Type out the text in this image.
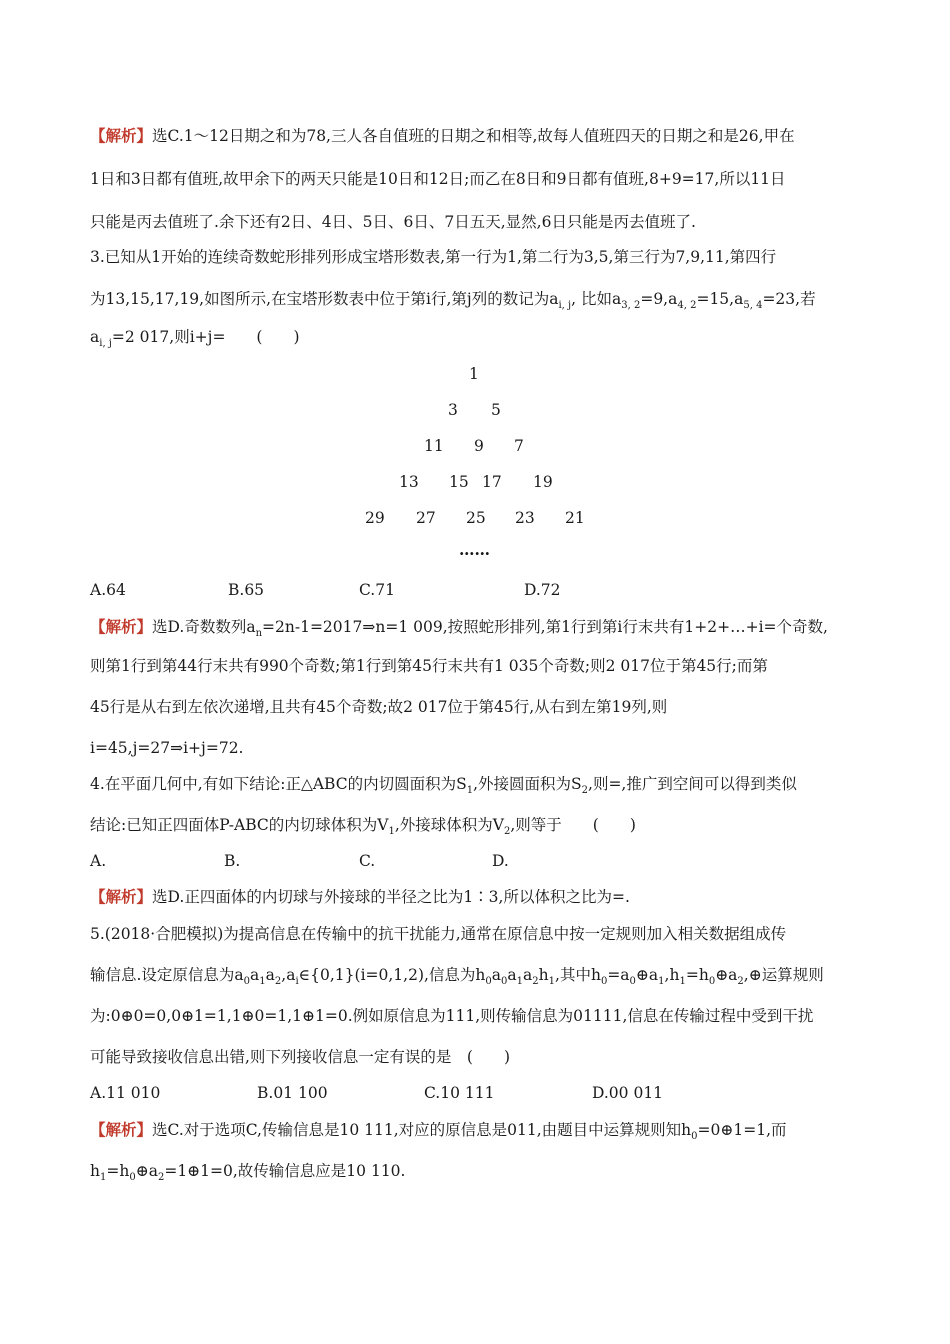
【解析】选C.1～12日期之和为78,三人各自值班的日期之和相等,故每人值班四天的日期之和是26,甲在
1日和3日都有值班,故甲余下的两天只能是10日和12日;而乙在8日和9日都有值班,8+9=17,所以11日
只能是丙去值班了.余下还有2日、4日、5日、6日、7日五天,显然,6日只能是丙去值班了.
3.已知从1开始的连续奇数蛇形排列形成宝塔形数表,第一行为1,第二行为3,5,第三行为7,9,11,第四行
为13,15,17,19,如图所示,在宝塔形数表中位于第i行,第j列的数记为$a_{i, j}$, 比如$a_{3, 2}=9,a_{4, 2}=15,a_{5, 4}=23$,若
$a_{i, j}=2$ 017,则i+j=　　(　　)
1
3 5
11 9 7
13 15 17 19
29 27 25 23 21
……
A.64	B.65	C.71	D.72
【解析】选D.奇数数列$a_n=2n-1=2017\Rightarrow n=1$ 009,按照蛇形排列,第1行到第i行末共有1+2+…+i=个奇数,
则第1行到第44行末共有990个奇数;第1行到第45行末共有1 035个奇数;则2 017位于第45行;而第
45行是从右到左依次递增,且共有45个奇数;故2 017位于第45行,从右到左第19列,则
i=45,j=27⇒i+j=72.
4.在平面几何中,有如下结论:正△ABC的内切圆面积为$S_1$,外接圆面积为$S_2$,则=,推广到空间可以得到类似
结论:已知正四面体P-ABC的内切球体积为$V_1$,外接球体积为$V_2$,则等于　　(　　)
A.	B.	C.	D.
【解析】选D.正四面体的内切球与外接球的半径之比为1∶3,所以体积之比为=.
5.(2018·合肥模拟)为提高信息在传输中的抗干扰能力,通常在原信息中按一定规则加入相关数据组成传
输信息.设定原信息为$a_0a_1a_2,a_i\in\{0,1\}(i=0,1,2)$,信息为$h_0a_0a_1a_2h_1$,其中$h_0=a_0\oplus a_1,h_1=h_0\oplus a_2,\oplus$运算规则
为:0⊕0=0,0⊕1=1,1⊕0=1,1⊕1=0.例如原信息为111,则传输信息为01111,信息在传输过程中受到干扰
可能导致接收信息出错,则下列接收信息一定有误的是　(　　)
A.11 010	B.01 100	C.10 111	D.00 011
【解析】选C.对于选项C,传输信息是10 111,对应的原信息是011,由题目中运算规则知$h_0=0\oplus 1=1$,而
$h_1=h_0\oplus a_2=1\oplus 1=0$,故传输信息应是10 110.
